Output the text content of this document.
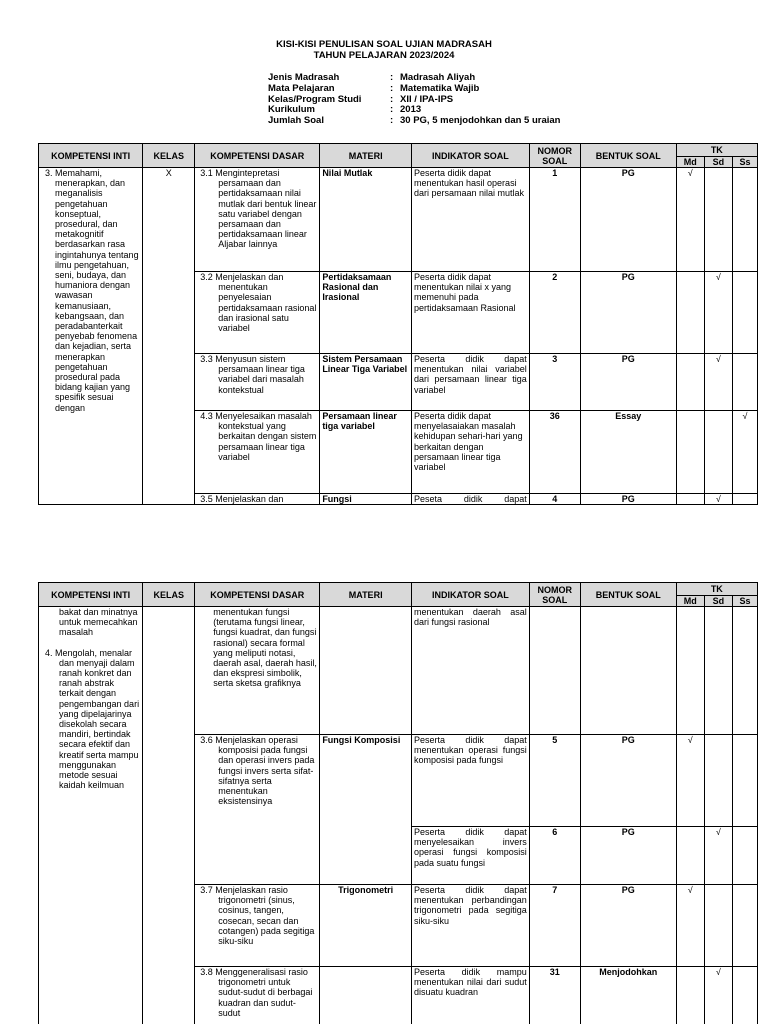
KISI-KISI PENULISAN SOAL UJIAN MADRASAH
TAHUN PELAJARAN 2023/2024
Jenis Madrasah	: Madrasah Aliyah
Mata Pelajaran	: Matematika Wajib
Kelas/Program Studi	: XII / IPA-IPS
Kurikulum	: 2013
Jumlah Soal	: 30 PG, 5 menjodohkan dan 5 uraian
KOMPETENSI INTI	KELAS	KOMPETENSI DASAR	MATERI	INDIKATOR SOAL	NOMOR SOAL	BENTUK SOAL	TK		
							Md	Sd	Ss

3. Memahami, menerapkan, dan meganalisis pengetahuan konseptual, prosedural, dan metakognitif berdasarkan rasa ingintahunya tentang ilmu pengetahuan, seni, budaya, dan humaniora dengan wawasan kemanusiaan, kebangsaan, dan peradabanterkait penyebab fenomena dan kejadian, serta menerapkan pengetahuan prosedural pada bidang kajian yang spesifik sesuai dengan	X	3.1 Mengintepretasi persamaan dan pertidaksamaan nilai mutlak dari bentuk linear satu variabel dengan persamaan dan pertidaksamaan linear Aljabar lainnya	Nilai Mutlak	Peserta didik dapat menentukan hasil operasi dari persamaan nilai mutlak	1	PG	√		

		3.2 Menjelaskan dan menentukan penyelesaian pertidaksamaan rasional dan irasional satu variabel	Pertidaksamaan Rasional dan Irasional	Peserta didik dapat menentukan nilai x yang memenuhi pada pertidaksamaan Rasional	2	PG		√	

		3.3 Menyusun sistem persamaan linear tiga variabel dari masalah kontekstual	Sistem Persamaan Linear Tiga Variabel	Peserta didik dapat menentukan nilai variabel dari persamaan linear tiga variabel	3	PG		√	

		4.3 Menyelesaikan masalah kontekstual yang berkaitan dengan sistem persamaan linear tiga variabel	Persamaan linear tiga variabel	Peserta didik dapat menyelasaiakan masalah kehidupan sehari-hari yang berkaitan dengan persamaan linear tiga variabel	36	Essay			√

		3.5 Menjelaskan dan	Fungsi	Peseta didik dapat	4	PG		√	
KOMPETENSI INTI	KELAS	KOMPETENSI DASAR	MATERI	INDIKATOR SOAL	NOMOR SOAL	BENTUK SOAL	TK		
							Md	Sd	Ss

bakat dan minatnya untuk memecahkan masalah
4. Mengolah, menalar dan menyaji dalam ranah konkret dan ranah abstrak terkait dengan pengembangan dari yang dipelajarinya disekolah secara mandiri, bertindak secara efektif dan kreatif serta mampu menggunakan metode sesuai kaidah keilmuan		menentukan fungsi (terutama fungsi linear, fungsi kuadrat, dan fungsi rasional) secara formal yang meliputi notasi, daerah asal, daerah hasil, dan ekspresi simbolik, serta sketsa grafiknya		menentukan daerah asal dari fungsi rasional					

		3.6 Menjelaskan operasi komposisi pada fungsi dan operasi invers pada fungsi invers serta sifat-sifatnya serta menentukan eksistensinya	Fungsi Komposisi	Peserta didik dapat menentukan operasi fungsi komposisi pada fungsi	5	PG	√		
				Peserta didik dapat menyelesaikan invers operasi fungsi komposisi pada suatu fungsi	6	PG		√	

		3.7 Menjelaskan rasio trigonometri (sinus, cosinus, tangen, cosecan, secan dan cotangen) pada segitiga siku-siku	Trigonometri	Peserta didik dapat menentukan perbandingan trigonometri pada segitiga siku-siku	7	PG	√		

		3.8 Menggeneralisasi rasio trigonometri untuk sudut-sudut di berbagai kuadran dan sudut-sudut		Peserta didik mampu menentukan nilai dari sudut disuatu kuadran	31	Menjodohkan		√	
